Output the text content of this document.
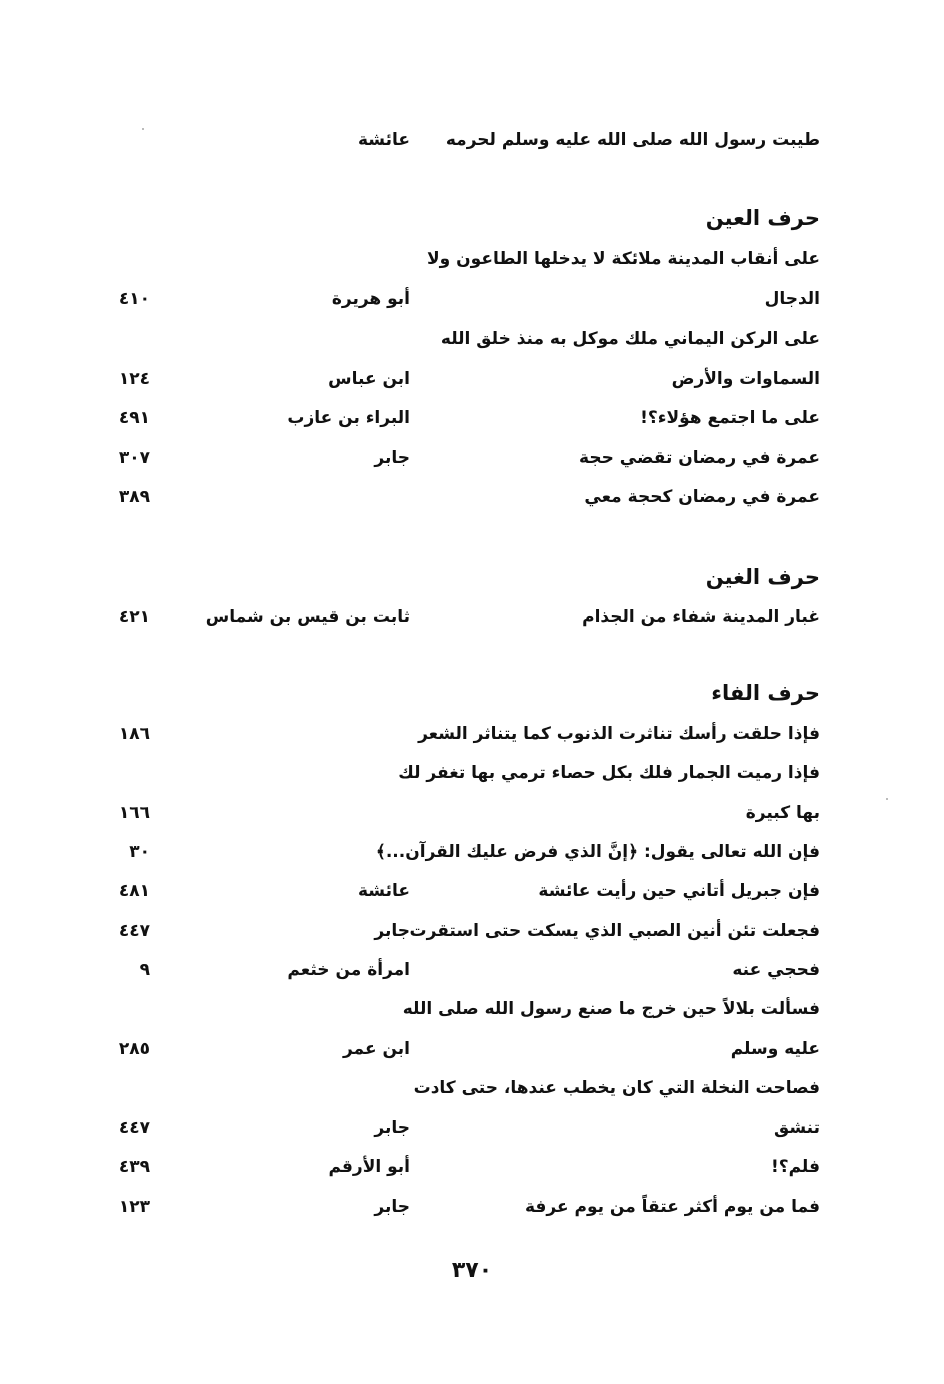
طيبت رسول الله صلى الله عليه وسلم لحرمه
عائشة
حرف العين
على أنقاب المدينة ملائكة لا يدخلها الطاعون ولا
الدجال
أبو هريرة
٤١٠
على الركن اليماني ملك موكل به منذ خلق الله
السماوات والأرض
ابن عباس
١٢٤
على ما اجتمع هؤلاء؟!
البراء بن عازب
٤٩١
عمرة في رمضان تقضي حجة
جابر
٣٠٧
عمرة في رمضان كحجة معي
٣٨٩
حرف الغين
غبار المدينة شفاء من الجذام
ثابت بن قيس بن شماس
٤٢١
حرف الفاء
فإذا حلقت رأسك تناثرت الذنوب كما يتناثر الشعر
١٨٦
فإذا رميت الجمار فلك بكل حصاء ترمي بها تغفر لك
بها كبيرة
١٦٦
فإن الله تعالى يقول: ﴿إنَّ الذي فرض عليك القرآن...﴾
٣٠
فإن جبريل أتاني حين رأيت عائشة
عائشة
٤٨١
فجعلت تئن أنين الصبي الذي يسكت حتى استقرت
جابر
٤٤٧
فحجي عنه
امرأة من خثعم
٩
فسألت بلالاً حين خرج ما صنع رسول الله صلى الله
عليه وسلم
ابن عمر
٢٨٥
فصاحت النخلة التي كان يخطب عندها، حتى كادت
تنشق
جابر
٤٤٧
فلم؟!
أبو الأرقم
٤٣٩
فما من يوم أكثر عتقاً من يوم عرفة
جابر
١٢٣
٣٧٠
